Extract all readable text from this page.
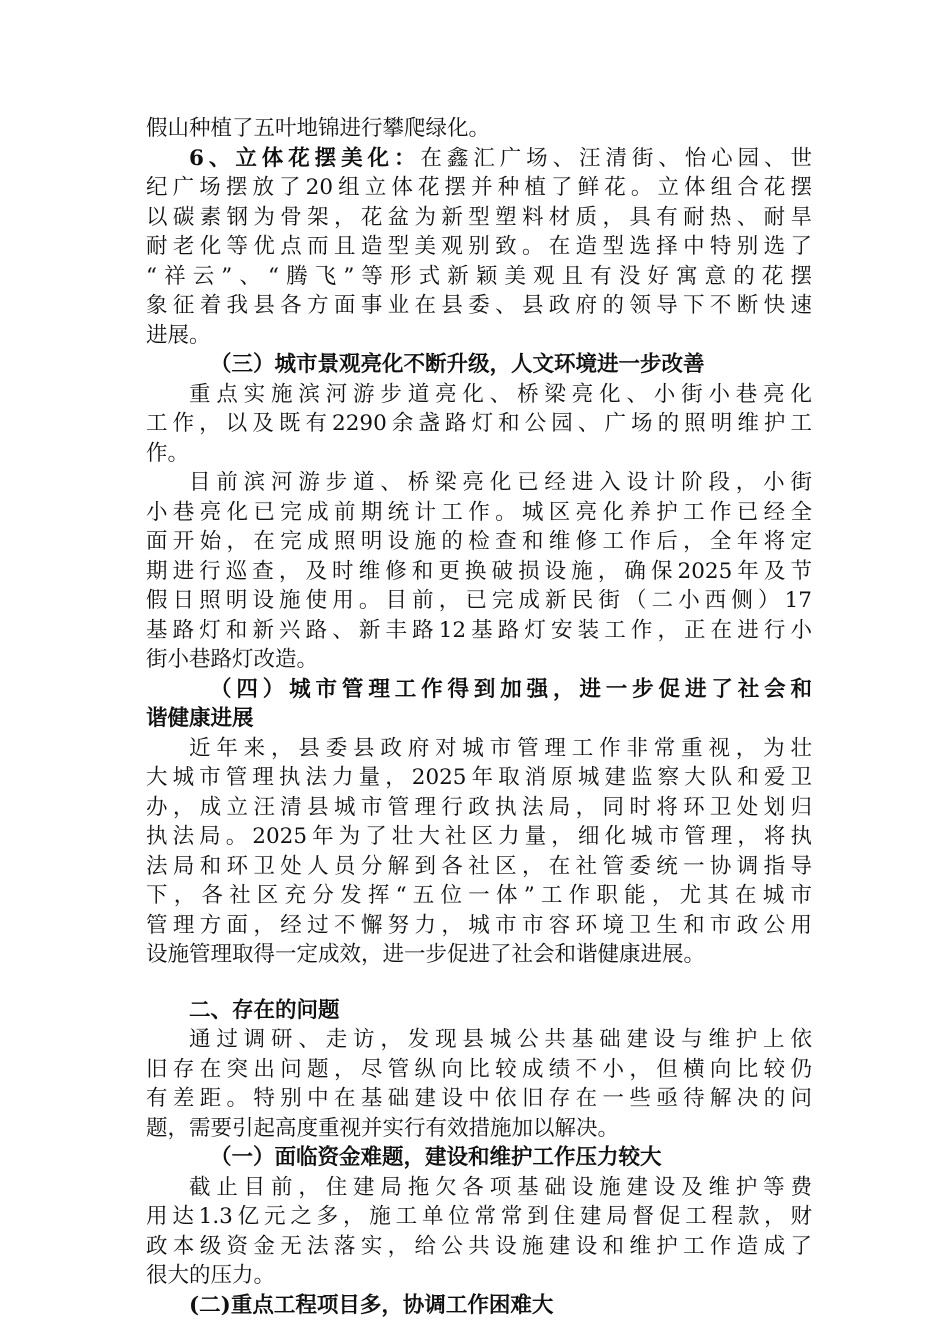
假山种植了五叶地锦进行攀爬绿化。
6、立体花摆美化：在鑫汇广场、汪清街、怡心园、世
纪广场摆放了20组立体花摆并种植了鲜花。立体组合花摆
以碳素钢为骨架，花盆为新型塑料材质，具有耐热、耐旱
耐老化等优点而且造型美观别致。在造型选择中特别选了
“祥云”、“腾飞”等形式新颖美观且有没好寓意的花摆
象征着我县各方面事业在县委、县政府的领导下不断快速
进展。
（三）城市景观亮化不断升级，人文环境进一步改善
重点实施滨河游步道亮化、桥梁亮化、小街小巷亮化
工作，以及既有2290余盏路灯和公园、广场的照明维护工
作。
目前滨河游步道、桥梁亮化已经进入设计阶段，小街
小巷亮化已完成前期统计工作。城区亮化养护工作已经全
面开始，在完成照明设施的检查和维修工作后，全年将定
期进行巡查，及时维修和更换破损设施，确保2025年及节
假日照明设施使用。目前，已完成新民街（二小西侧）17
基路灯和新兴路、新丰路12基路灯安装工作，正在进行小
街小巷路灯改造。
（四）城市管理工作得到加强，进一步促进了社会和
谐健康进展
近年来，县委县政府对城市管理工作非常重视，为壮
大城市管理执法力量，2025年取消原城建监察大队和爱卫
办，成立汪清县城市管理行政执法局，同时将环卫处划归
执法局。2025年为了壮大社区力量，细化城市管理，将执
法局和环卫处人员分解到各社区，在社管委统一协调指导
下，各社区充分发挥“五位一体”工作职能，尤其在城市
管理方面，经过不懈努力，城市市容环境卫生和市政公用
设施管理取得一定成效，进一步促进了社会和谐健康进展。
二、存在的问题
通过调研、走访，发现县城公共基础建设与维护上依
旧存在突出问题，尽管纵向比较成绩不小，但横向比较仍
有差距。特别中在基础建设中依旧存在一些亟待解决的问
题，需要引起高度重视并实行有效措施加以解决。
（一）面临资金难题，建设和维护工作压力较大
截止目前，住建局拖欠各项基础设施建设及维护等费
用达1.3亿元之多，施工单位常常到住建局督促工程款，财
政本级资金无法落实，给公共设施建设和维护工作造成了
很大的压力。
(二)重点工程项目多，协调工作困难大
